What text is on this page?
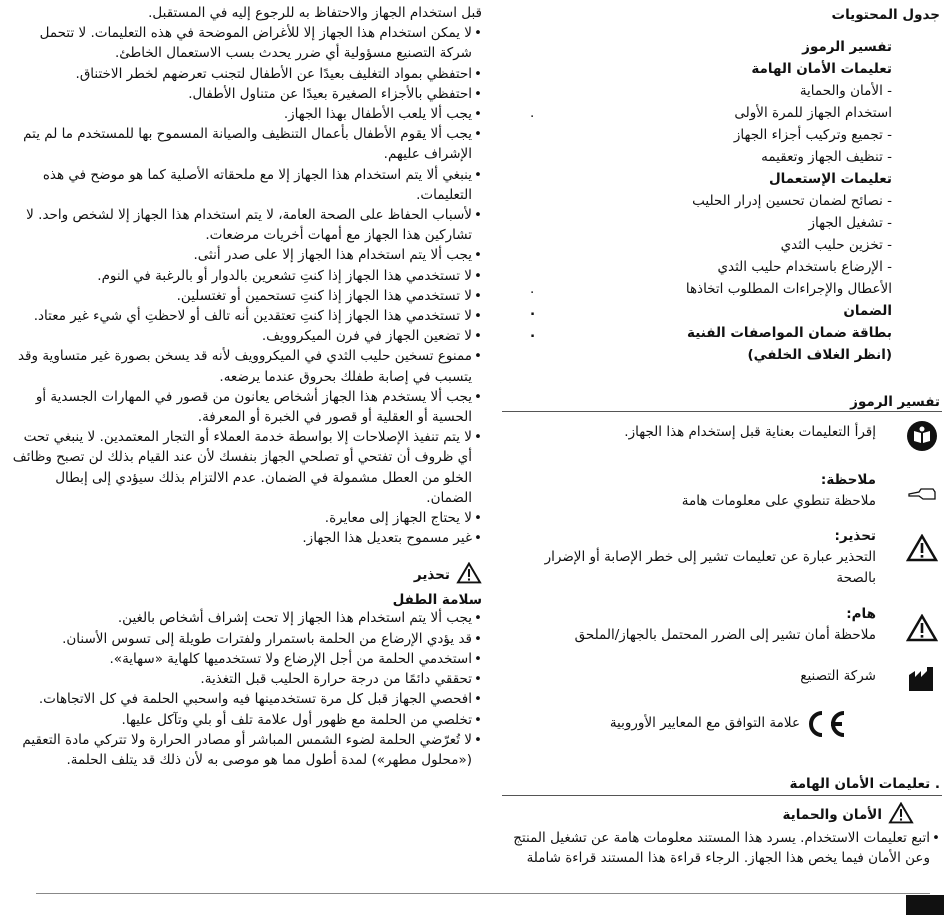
جدول المحتويات
تفسير الرموز
تعليمات الأمان الهامة
- الأمان والحماية
استخدام الجهاز للمرة الأولى
.
- تجميع وتركيب أجزاء الجهاز
- تنظيف الجهاز وتعقيمه
تعليمات الإستعمال
- نصائح لضمان تحسين إدرار الحليب
- تشغيل الجهاز
- تخزين حليب الثدي
- الإرضاع باستخدام حليب الثدي
الأعطال والإجراءات المطلوب اتخاذها
.
الضمان
.
بطاقة ضمان المواصفات الفنية
.
(انظر الغلاف الخلفي)
تفسير الرموز
إقرأ التعليمات بعناية قبل إستخدام هذا الجهاز.
ملاحظة:
ملاحظة تنطوي على معلومات هامة
تحذير:
التحذير عبارة عن تعليمات تشير إلى خطر الإصابة أو الإضرار بالصحة
هام:
ملاحظة أمان تشير إلى الضرر المحتمل بالجهاز/الملحق
شركة التصنيع
علامة التوافق مع المعايير الأوروبية
. تعليمات الأمان الهامة
الأمان والحماية
• اتبع تعليمات الاستخدام. يسرد هذا المستند معلومات هامة عن تشغيل المنتج وعن الأمان فيما يخص هذا الجهاز. الرجاء قراءة هذا المستند قراءة شاملة
قبل استخدام الجهاز والاحتفاظ به للرجوع إليه في المستقبل.
• لا يمكن استخدام هذا الجهاز إلا للأغراض الموضحة في هذه التعليمات. لا تتحمل شركة التصنيع مسؤولية أي ضرر يحدث بسب الاستعمال الخاطئ.
• احتفظي بمواد التغليف بعيدًا عن الأطفال لتجنب تعرضهم لخطر الاختناق.
• احتفظي بالأجزاء الصغيرة بعيدًا عن متناول الأطفال.
• يجب ألا يلعب الأطفال بهذا الجهاز.
• يجب ألا يقوم الأطفال بأعمال التنظيف والصيانة المسموح بها للمستخدم ما لم يتم الإشراف عليهم.
• ينبغي ألا يتم استخدام هذا الجهاز إلا مع ملحقاته الأصلية كما هو موضح في هذه التعليمات.
• لأسباب الحفاظ على الصحة العامة، لا يتم استخدام هذا الجهاز إلا لشخص واحد. لا تشاركين هذا الجهاز مع أمهات أخريات مرضعات.
• يجب ألا يتم استخدام هذا الجهاز إلا على صدر أنثى.
• لا تستخدمي هذا الجهاز إذا كنتِ تشعرين بالدوار أو بالرغبة في النوم.
• لا تستخدمي هذا الجهاز إذا كنتِ تستحمين أو تغتسلين.
• لا تستخدمي هذا الجهاز إذا كنتِ تعتقدين أنه تالف أو لاحظتِ أي شيء غير معتاد.
• لا تضعين الجهاز في فرن الميكروويف.
• ممنوع تسخين حليب الثدي في الميكروويف لأنه قد يسخن بصورة غير متساوية وقد يتسبب في إصابة طفلك بحروق عندما يرضعه.
• يجب ألا يستخدم هذا الجهاز أشخاص يعانون من قصور في المهارات الجسدية أو الحسية أو العقلية أو قصور في الخبرة أو المعرفة.
• لا يتم تنفيذ الإصلاحات إلا بواسطة خدمة العملاء أو التجار المعتمدين. لا ينبغي تحت أي ظروف أن تفتحي أو تصلحي الجهاز بنفسك لأن عند القيام بذلك لن تصبح وظائف الخلو من العطل مشمولة في الضمان. عدم الالتزام بذلك سيؤدي إلى إبطال الضمان.
• لا يحتاج الجهاز إلى معايرة.
• غير مسموح بتعديل هذا الجهاز.
تحذير
سلامة الطفل
• يجب ألا يتم استخدام هذا الجهاز إلا تحت إشراف أشخاص بالغين.
• قد يؤدي الإرضاع من الحلمة باستمرار ولفترات طويلة إلى تسوس الأسنان.
• استخدمي الحلمة من أجل الإرضاع ولا تستخدميها كلهاية «سهاية».
• تحققي دائمًا من درجة حرارة الحليب قبل التغذية.
• افحصي الجهاز قبل كل مرة تستخدمينها فيه واسحبي الحلمة في كل الاتجاهات.
• تخلصي من الحلمة مع ظهور أول علامة تلف أو بلي وتآكل عليها.
• لا تُعرّضي الحلمة لضوء الشمس المباشر أو مصادر الحرارة ولا تتركي مادة التعقيم («محلول مطهر») لمدة أطول مما هو موصى به لأن ذلك قد يتلف الحلمة.
